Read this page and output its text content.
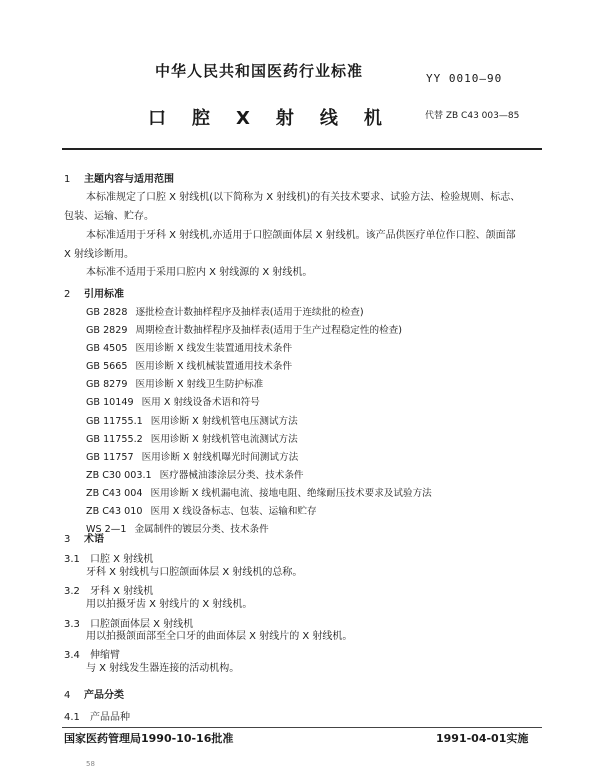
中华人民共和国医药行业标准	YY 0010—90
口腔X射线机 代替 ZB C43 003—85
1 主题内容与适用范围
本标准规定了口腔 X 射线机(以下简称为 X 射线机)的有关技术要求、试验方法、检验规则、标志、
包装、运输、贮存。
本标准适用于牙科 X 射线机,亦适用于口腔颌面体层 X 射线机。该产品供医疗单位作口腔、颌面部
X 射线诊断用。
本标准不适用于采用口腔内 X 射线源的 X 射线机。
2 引用标准
GB 2828 逐批检查计数抽样程序及抽样表(适用于连续批的检查)
GB 2829 周期检查计数抽样程序及抽样表(适用于生产过程稳定性的检查)
GB 4505 医用诊断 X 线发生装置通用技术条件
GB 5665 医用诊断 X 线机械装置通用技术条件
GB 8279 医用诊断 X 射线卫生防护标准
GB 10149 医用 X 射线设备术语和符号
GB 11755.1 医用诊断 X 射线机管电压测试方法
GB 11755.2 医用诊断 X 射线机管电流测试方法
GB 11757 医用诊断 X 射线机曝光时间测试方法
ZB C30 003.1 医疗器械油漆涂层分类、技术条件
ZB C43 004 医用诊断 X 线机漏电流、接地电阻、绝缘耐压技术要求及试验方法
ZB C43 010 医用 X 线设备标志、包装、运输和贮存
WS 2—1 金属制件的镀层分类、技术条件
3 术语
3.1 口腔 X 射线机
牙科 X 射线机与口腔颌面体层 X 射线机的总称。
3.2 牙科 X 射线机
用以拍摄牙齿 X 射线片的 X 射线机。
3.3 口腔颌面体层 X 射线机
用以拍摄颌面部至全口牙的曲面体层 X 射线片的 X 射线机。
3.4 伸缩臂
与 X 射线发生器连接的活动机构。
4 产品分类
4.1 产品品种
国家医药管理局1990-10-16批准	1991-04-01实施
58
